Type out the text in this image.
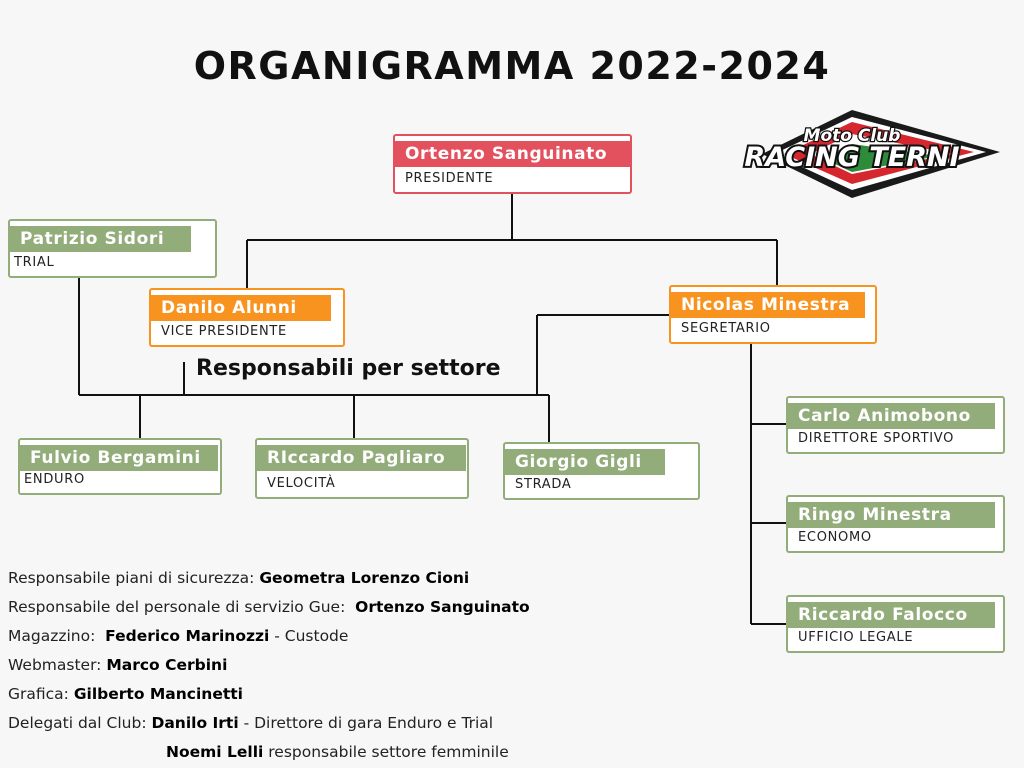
ORGANIGRAMMA 2022-2024
Ortenzo Sanguinato
PRESIDENTE
Patrizio Sidori
TRIAL
Danilo Alunni
VICE PRESIDENTE
Nicolas Minestra
SEGRETARIO
Fulvio Bergamini
ENDURO
RIccardo Pagliaro
VELOCITÀ
Giorgio Gigli
STRADA
Carlo Animobono
DIRETTORE SPORTIVO
Ringo Minestra
ECONOMO
Riccardo Falocco
UFFICIO LEGALE
Responsabili per settore
Moto Club
RACING TERNI
Responsabile piani di sicurezza: Geometra Lorenzo Cioni
Responsabile del personale di servizio Gue:  Ortenzo Sanguinato
Magazzino:  Federico Marinozzi - Custode
Webmaster: Marco Cerbini
Grafica: Gilberto Mancinetti
Delegati dal Club: Danilo Irti - Direttore di gara Enduro e Trial
Noemi Lelli responsabile settore femminile
